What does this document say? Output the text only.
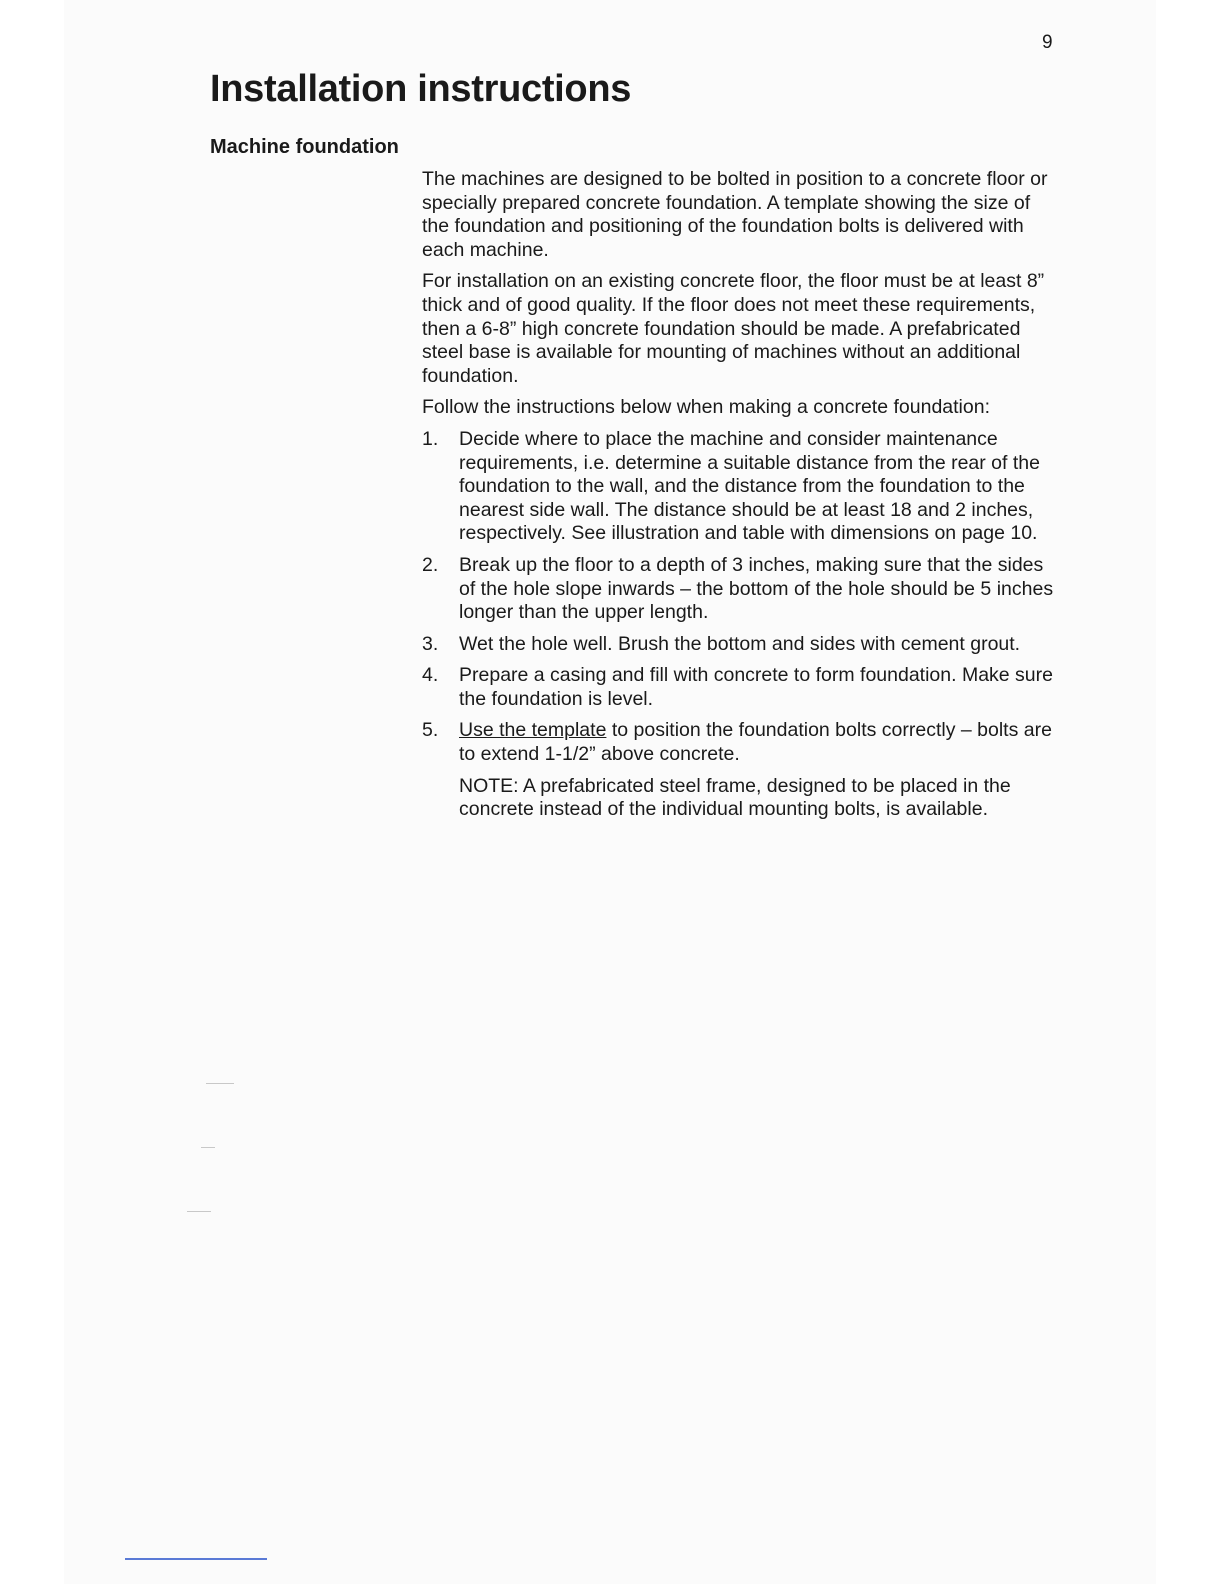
9
Installation instructions
Machine foundation

The machines are designed to be bolted in position to a concrete floor or specially prepared concrete foundation. A template showing the size of the foundation and positioning of the foundation bolts is delivered with each machine.

For installation on an existing concrete floor, the floor must be at least 8” thick and of good quality. If the floor does not meet these requirements, then a 6-8” high concrete foundation should be made. A prefabricated steel base is available for mounting of machines without an additional foundation.

Follow the instructions below when making a concrete foundation:

1. Decide where to place the machine and consider maintenance requirements, i.e. determine a suitable distance from the rear of the foundation to the wall, and the distance from the foundation to the nearest side wall. The distance should be at least 18 and 2 inches, respectively. See illustration and table with dimensions on page 10.
2. Break up the floor to a depth of 3 inches, making sure that the sides of the hole slope inwards – the bottom of the hole should be 5 inches longer than the upper length.
3. Wet the hole well. Brush the bottom and sides with cement grout.
4. Prepare a casing and fill with concrete to form foundation. Make sure the foundation is level.
5. Use the template to position the foundation bolts correctly – bolts are to extend 1-1/2” above concrete.
NOTE: A prefabricated steel frame, designed to be placed in the concrete instead of the individual mounting bolts, is available.
